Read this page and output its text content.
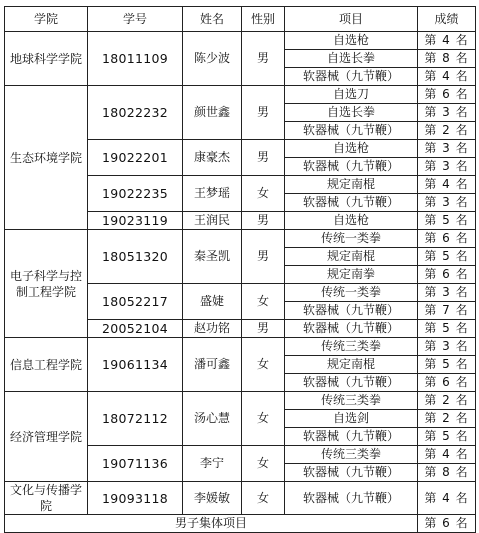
学院	学号	姓名	性别	项目	成绩
地球科学学院	18011109	陈少波	男	自选枪	第 4 名
				自选长拳	第 8 名
				软器械（九节鞭）	第 4 名
生态环境学院	18022232	颜世鑫	男	自选刀	第 6 名
				自选长拳	第 3 名
				软器械（九节鞭）	第 2 名
	19022201	康豪杰	男	自选枪	第 3 名
				软器械（九节鞭）	第 3 名
	19022235	王梦瑶	女	规定南棍	第 4 名
				软器械（九节鞭）	第 3 名
	19023119	王润民	男	自选枪	第 5 名
电子科学与控制工程学院	18051320	秦圣凯	男	传统一类拳	第 6 名
				规定南棍	第 5 名
				规定南拳	第 6 名
	18052217	盛婕	女	传统一类拳	第 3 名
				软器械（九节鞭）	第 7 名
	20052104	赵功铭	男	软器械（九节鞭）	第 5 名
信息工程学院	19061134	潘可鑫	女	传统三类拳	第 3 名
				规定南棍	第 5 名
				软器械（九节鞭）	第 6 名
经济管理学院	18072112	汤心慧	女	传统三类拳	第 2 名
				自选剑	第 2 名
				软器械（九节鞭）	第 5 名
	19071136	李宁	女	传统三类拳	第 4 名
				软器械（九节鞭）	第 8 名
文化与传播学院	19093118	李媛敏	女	软器械（九节鞭）	第 4 名
男子集体项目					第 6 名
